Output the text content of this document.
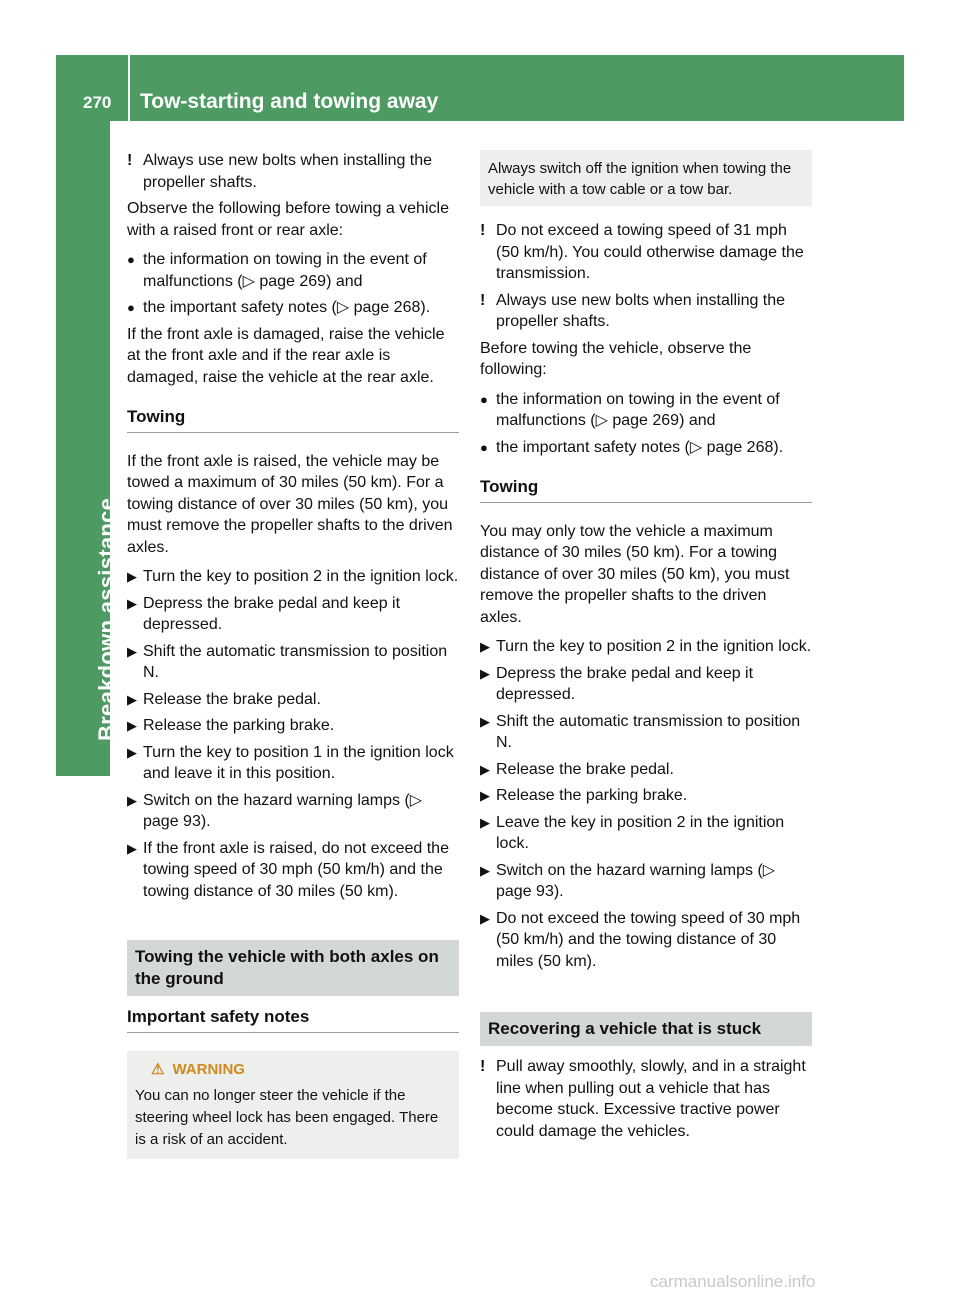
270 Tow-starting and towing away
Breakdown assistance

! Always use new bolts when installing the propeller shafts.

Observe the following before towing a vehicle with a raised front or rear axle:

● the information on towing in the event of malfunctions (▷ page 269) and

● the important safety notes (▷ page 268).

If the front axle is damaged, raise the vehicle at the front axle and if the rear axle is damaged, raise the vehicle at the rear axle.

Towing

If the front axle is raised, the vehicle may be towed a maximum of 30 miles (50 km). For a towing distance of over 30 miles (50 km), you must remove the propeller shafts to the driven axles.

▶ Turn the key to position 2 in the ignition lock.

▶ Depress the brake pedal and keep it depressed.

▶ Shift the automatic transmission to position N.

▶ Release the brake pedal.

▶ Release the parking brake.

▶ Turn the key to position 1 in the ignition lock and leave it in this position.

▶ Switch on the hazard warning lamps (▷ page 93).

▶ If the front axle is raised, do not exceed the towing speed of 30 mph (50 km/h) and the towing distance of 30 miles (50 km).

Towing the vehicle with both axles on the ground
Important safety notes
⚠ WARNING
You can no longer steer the vehicle if the steering wheel lock has been engaged. There is a risk of an accident.
Always switch off the ignition when towing the vehicle with a tow cable or a tow bar.

! Do not exceed a towing speed of 31 mph (50 km/h). You could otherwise damage the transmission.

! Always use new bolts when installing the propeller shafts.

Before towing the vehicle, observe the following:

● the information on towing in the event of malfunctions (▷ page 269) and

● the important safety notes (▷ page 268).

Towing

You may only tow the vehicle a maximum distance of 30 miles (50 km). For a towing distance of over 30 miles (50 km), you must remove the propeller shafts to the driven axles.

▶ Turn the key to position 2 in the ignition lock.

▶ Depress the brake pedal and keep it depressed.

▶ Shift the automatic transmission to position N.

▶ Release the brake pedal.

▶ Release the parking brake.

▶ Leave the key in position 2 in the ignition lock.

▶ Switch on the hazard warning lamps (▷ page 93).

▶ Do not exceed the towing speed of 30 mph (50 km/h) and the towing distance of 30 miles (50 km).

Recovering a vehicle that is stuck

! Pull away smoothly, slowly, and in a straight line when pulling out a vehicle that has become stuck. Excessive tractive power could damage the vehicles.

carmanualsonline.info
